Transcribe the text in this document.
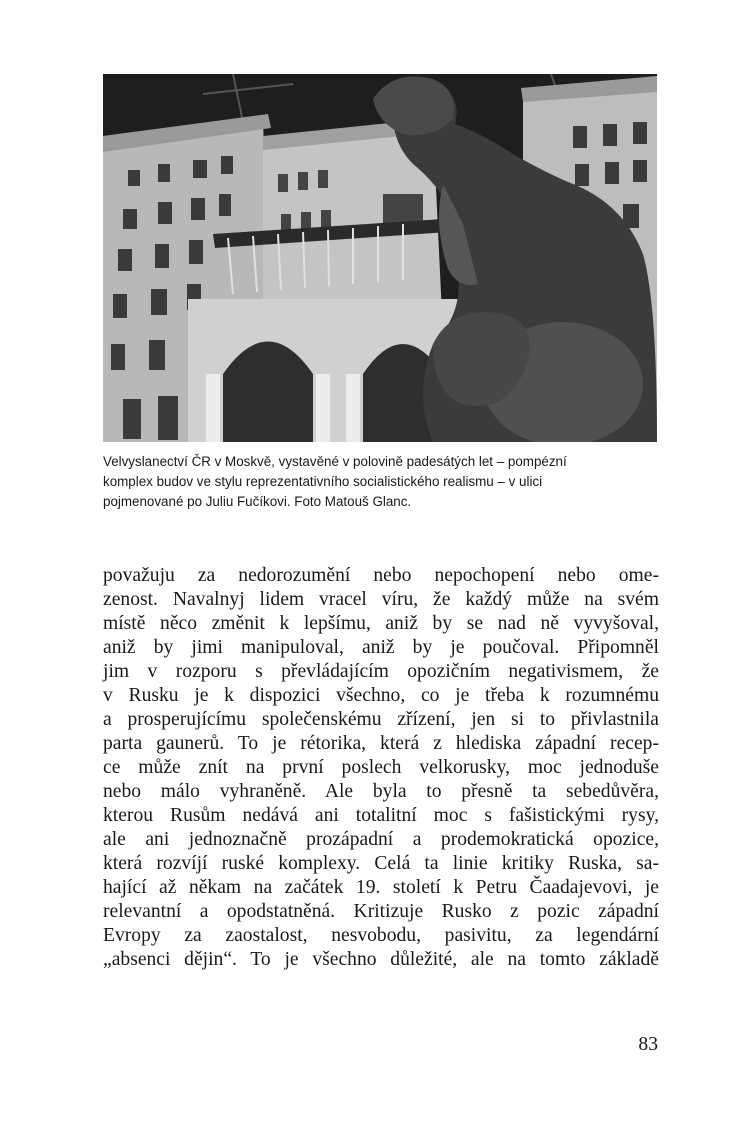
Velvyslanectví ČR v Moskvě, vystavěné v polovině padesátých let – pompézní
komplex budov ve stylu reprezentativního socialistického realismu – v ulici
pojmenované po Juliu Fučíkovi. Foto Matouš Glanc.
považuju za nedorozumění nebo nepochopení nebo ome-
zenost. Navalnyj lidem vracel víru, že každý může na svém
místě něco změnit k lepšímu, aniž by se nad ně vyvyšoval,
aniž by jimi manipuloval, aniž by je poučoval. Připomněl
jim v rozporu s převládajícím opozičním negativismem, že
v Rusku je k dispozici všechno, co je třeba k rozumnému
a prosperujícímu společenskému zřízení, jen si to přivlastnila
parta gaunerů. To je rétorika, která z hlediska západní recep-
ce může znít na první poslech velkorusky, moc jednoduše
nebo málo vyhraněně. Ale byla to přesně ta sebedůvěra,
kterou Rusům nedává ani totalitní moc s fašistickými rysy,
ale ani jednoznačně prozápadní a prodemokratická opozice,
která rozvíjí ruské komplexy. Celá ta linie kritiky Ruska, sa-
hající až někam na začátek 19. století k Petru Čaadajevovi, je
relevantní a opodstatněná. Kritizuje Rusko z pozic západní
Evropy za zaostalost, nesvobodu, pasivitu, za legendární
„absenci dějin“. To je všechno důležité, ale na tomto základě
83
